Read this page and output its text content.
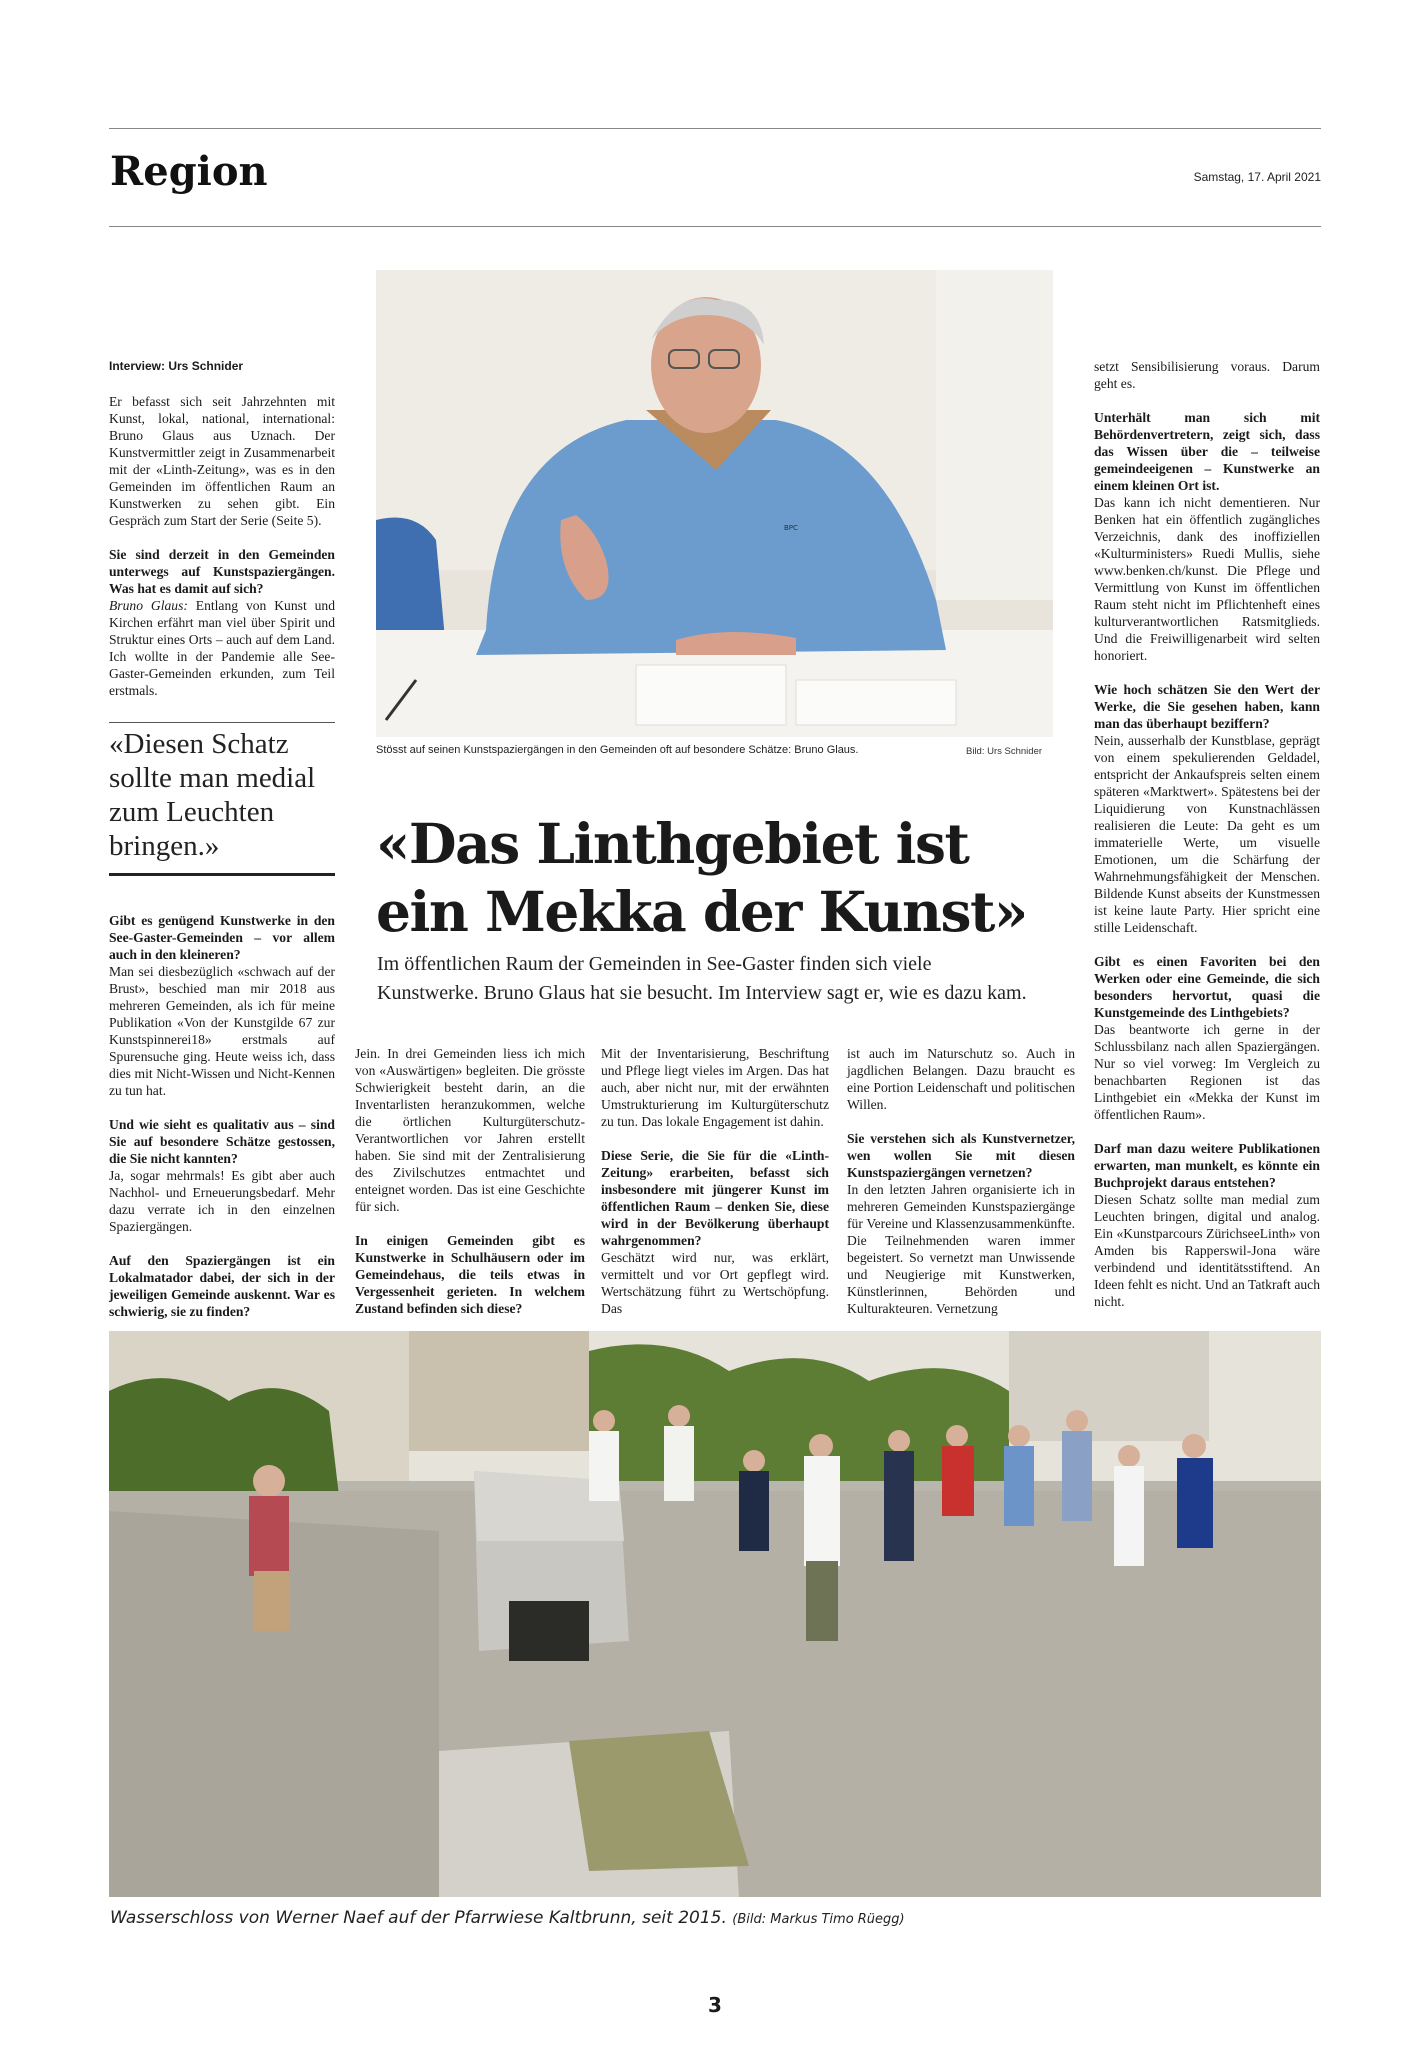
Region	Samstag, 17. April 2021
Interview: Urs Schnider

Er befasst sich seit Jahrzehnten mit Kunst, lokal, national, international: Bruno Glaus aus Uznach. Der Kunstvermittler zeigt in Zusammenarbeit mit der «Linth-Zeitung», was es in den Gemeinden im öffentlichen Raum an Kunstwerken zu sehen gibt. Ein Gespräch zum Start der Serie (Seite 5).

Sie sind derzeit in den Gemeinden unterwegs auf Kunstspaziergängen. Was hat es damit auf sich?

Bruno Glaus: Entlang von Kunst und Kirchen erfährt man viel über Spirit und Struktur eines Orts – auch auf dem Land. Ich wollte in der Pandemie alle See-Gaster-Gemeinden erkunden, zum Teil erstmals.

«Diesen Schatz sollte man medial zum Leuchten bringen.»

Gibt es genügend Kunstwerke in den See-Gaster-Gemeinden – vor allem auch in den kleineren?

Man sei diesbezüglich «schwach auf der Brust», beschied man mir 2018 aus mehreren Gemeinden, als ich für meine Publikation «Von der Kunstgilde 67 zur Kunstspinnerei18» erstmals auf Spurensuche ging. Heute weiss ich, dass dies mit Nicht-Wissen und Nicht-Kennen zu tun hat.

Und wie sieht es qualitativ aus – sind Sie auf besondere Schätze gestossen, die Sie nicht kannten?

Ja, sogar mehrmals! Es gibt aber auch Nachhol- und Erneuerungsbedarf. Mehr dazu verrate ich in den einzelnen Spaziergängen.

Auf den Spaziergängen ist ein Lokalmatador dabei, der sich in der jeweiligen Gemeinde auskennt. War es schwierig, sie zu finden?

BPC
Stösst auf seinen Kunstspaziergängen in den Gemeinden oft auf besondere Schätze: Bruno Glaus.	Bild: Urs Schnider
«Das Linthgebiet ist ein Mekka der Kunst»
Im öffentlichen Raum der Gemeinden in See-Gaster finden sich viele Kunstwerke. Bruno Glaus hat sie besucht. Im Interview sagt er, wie es dazu kam.

Jein. In drei Gemeinden liess ich mich von «Auswärtigen» begleiten. Die grösste Schwierigkeit besteht darin, an die Inventarlisten heranzukommen, welche die örtlichen Kulturgüterschutz-Verantwortlichen vor Jahren erstellt haben. Sie sind mit der Zentralisierung des Zivilschutzes entmachtet und enteignet worden. Das ist eine Geschichte für sich.

In einigen Gemeinden gibt es Kunstwerke in Schulhäusern oder im Gemeindehaus, die teils etwas in Vergessenheit gerieten. In welchem Zustand befinden sich diese?

Mit der Inventarisierung, Beschriftung und Pflege liegt vieles im Argen. Das hat auch, aber nicht nur, mit der erwähnten Umstrukturierung im Kulturgüterschutz zu tun. Das lokale Engagement ist dahin.

Diese Serie, die Sie für die «Linth-Zeitung» erarbeiten, befasst sich insbesondere mit jüngerer Kunst im öffentlichen Raum – denken Sie, diese wird in der Bevölkerung überhaupt wahrgenommen?

Geschätzt wird nur, was erklärt, vermittelt und vor Ort gepflegt wird. Wertschätzung führt zu Wertschöpfung. Das

ist auch im Naturschutz so. Auch in jagdlichen Belangen. Dazu braucht es eine Portion Leidenschaft und politischen Willen.

Sie verstehen sich als Kunstvernetzer, wen wollen Sie mit diesen Kunstspaziergängen vernetzen?

In den letzten Jahren organisierte ich in mehreren Gemeinden Kunstspaziergänge für Vereine und Klassenzusammenkünfte. Die Teilnehmenden waren immer begeistert. So vernetzt man Unwissende und Neugierige mit Kunstwerken, Künstlerinnen, Behörden und Kulturakteuren. Vernetzung

setzt Sensibilisierung voraus. Darum geht es.

Unterhält man sich mit Behördenvertretern, zeigt sich, dass das Wissen über die – teilweise gemeindeeigenen – Kunstwerke an einem kleinen Ort ist.

Das kann ich nicht dementieren. Nur Benken hat ein öffentlich zugängliches Verzeichnis, dank des inoffiziellen «Kulturministers» Ruedi Mullis, siehe www.benken.ch/kunst. Die Pflege und Vermittlung von Kunst im öffentlichen Raum steht nicht im Pflichtenheft eines kulturverantwortlichen Ratsmitglieds. Und die Freiwilligenarbeit wird selten honoriert.

Wie hoch schätzen Sie den Wert der Werke, die Sie gesehen haben, kann man das überhaupt beziffern?

Nein, ausserhalb der Kunstblase, geprägt von einem spekulierenden Geldadel, entspricht der Ankaufspreis selten einem späteren «Marktwert». Spätestens bei der Liquidierung von Kunstnachlässen realisieren die Leute: Da geht es um immaterielle Werte, um visuelle Emotionen, um die Schärfung der Wahrnehmungsfähigkeit der Menschen. Bildende Kunst abseits der Kunstmessen ist keine laute Party. Hier spricht eine stille Leidenschaft.

Gibt es einen Favoriten bei den Werken oder eine Gemeinde, die sich besonders hervortut, quasi die Kunstgemeinde des Linthgebiets?

Das beantworte ich gerne in der Schlussbilanz nach allen Spaziergängen. Nur so viel vorweg: Im Vergleich zu benachbarten Regionen ist das Linthgebiet ein «Mekka der Kunst im öffentlichen Raum».

Darf man dazu weitere Publikationen erwarten, man munkelt, es könnte ein Buchprojekt daraus entstehen?

Diesen Schatz sollte man medial zum Leuchten bringen, digital und analog. Ein «Kunstparcours ZürichseeLinth» von Amden bis Rapperswil-Jona wäre verbindend und identitätsstiftend. An Ideen fehlt es nicht. Und an Tatkraft auch nicht.

Wasserschloss von Werner Naef auf der Pfarrwiese Kaltbrunn, seit 2015. (Bild: Markus Timo Rüegg)
3
